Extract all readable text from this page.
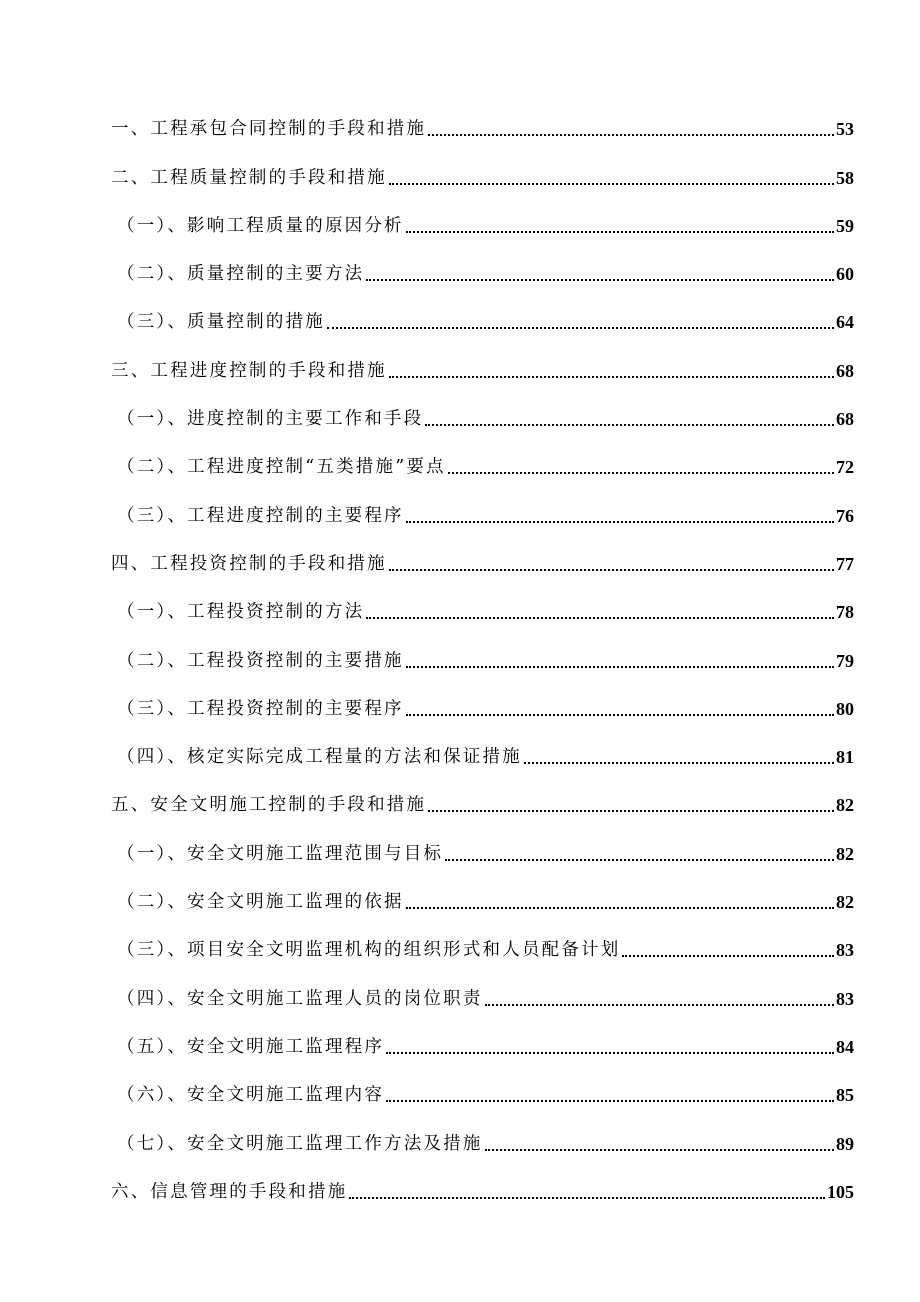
一、工程承包合同控制的手段和措施	53
二、工程质量控制的手段和措施	58
（一）、影响工程质量的原因分析	59
（二）、质量控制的主要方法	60
（三）、质量控制的措施	64
三、工程进度控制的手段和措施	68
（一）、进度控制的主要工作和手段	68
（二）、工程进度控制“五类措施”要点	72
（三）、工程进度控制的主要程序	76
四、工程投资控制的手段和措施	77
（一）、工程投资控制的方法	78
（二）、工程投资控制的主要措施	79
（三）、工程投资控制的主要程序	80
（四）、核定实际完成工程量的方法和保证措施	81
五、安全文明施工控制的手段和措施	82
（一）、安全文明施工监理范围与目标	82
（二）、安全文明施工监理的依据	82
（三）、项目安全文明监理机构的组织形式和人员配备计划	83
（四）、安全文明施工监理人员的岗位职责	83
（五）、安全文明施工监理程序	84
（六）、安全文明施工监理内容	85
（七）、安全文明施工监理工作方法及措施	89
六、信息管理的手段和措施	105
